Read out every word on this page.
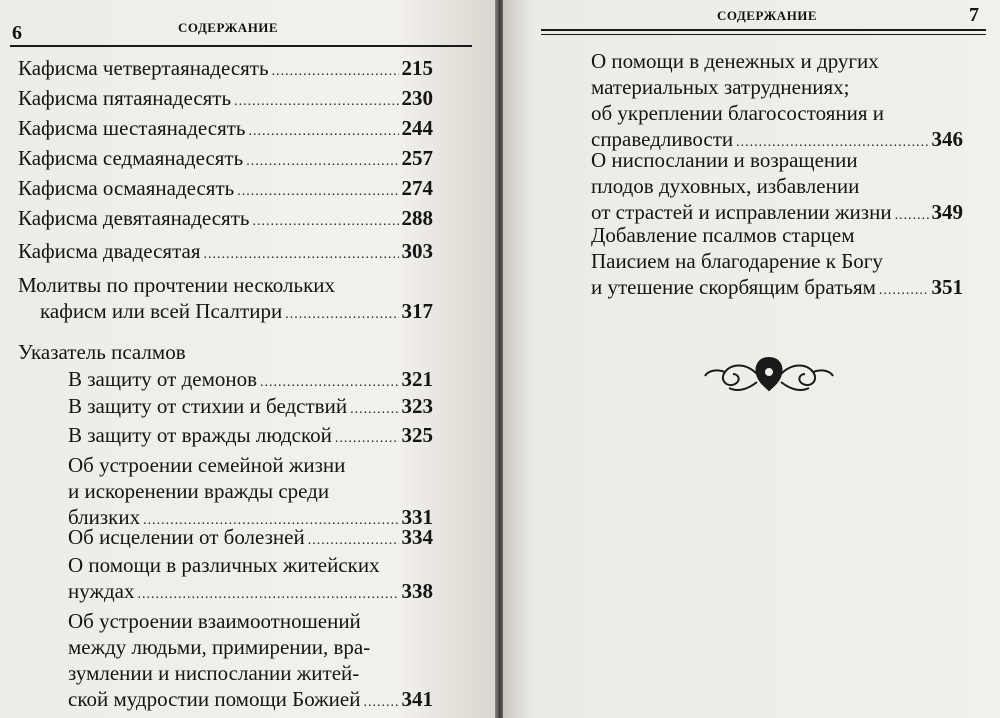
6	СОДЕРЖАНИЕ
Кафисма четвертаянадесять .....	215
Кафисма пятаянадесять .....	230
Кафисма шестаянадесять .....	244
Кафисма седмаянадесять .....	257
Кафисма осмаянадесять .....	274
Кафисма девятаянадесять .....	288
Кафисма двадесятая .....	303
Молитвы по прочтении нескольких
кафисм или всей Псалтири .....	317
Указатель псалмов
В защиту от демонов .....	321
В защиту от стихии и бедствий .....	323
В защиту от вражды людской .....	325
Об устроении семейной жизни
и искоренении вражды среди
близких .....	331
Об исцелении от болезней .....	334
О помощи в различных житейских
нуждах .....	338
Об устроении взаимоотношений
между людьми, примирении, вра-
зумлении и ниспослании житей-
ской мудростии помощи Божией ..... 341
СОДЕРЖАНИЕ	7
О помощи в денежных и других
материальных затруднениях;
об укреплении благосостояния и
справедливости .....	346
О ниспослании и возращении
плодов духовных, избавлении
от страстей и исправлении жизни ..... 349
Добавление псалмов старцем
Паисием на благодарение к Богу
и утешение скорбящим братьям .....	351
